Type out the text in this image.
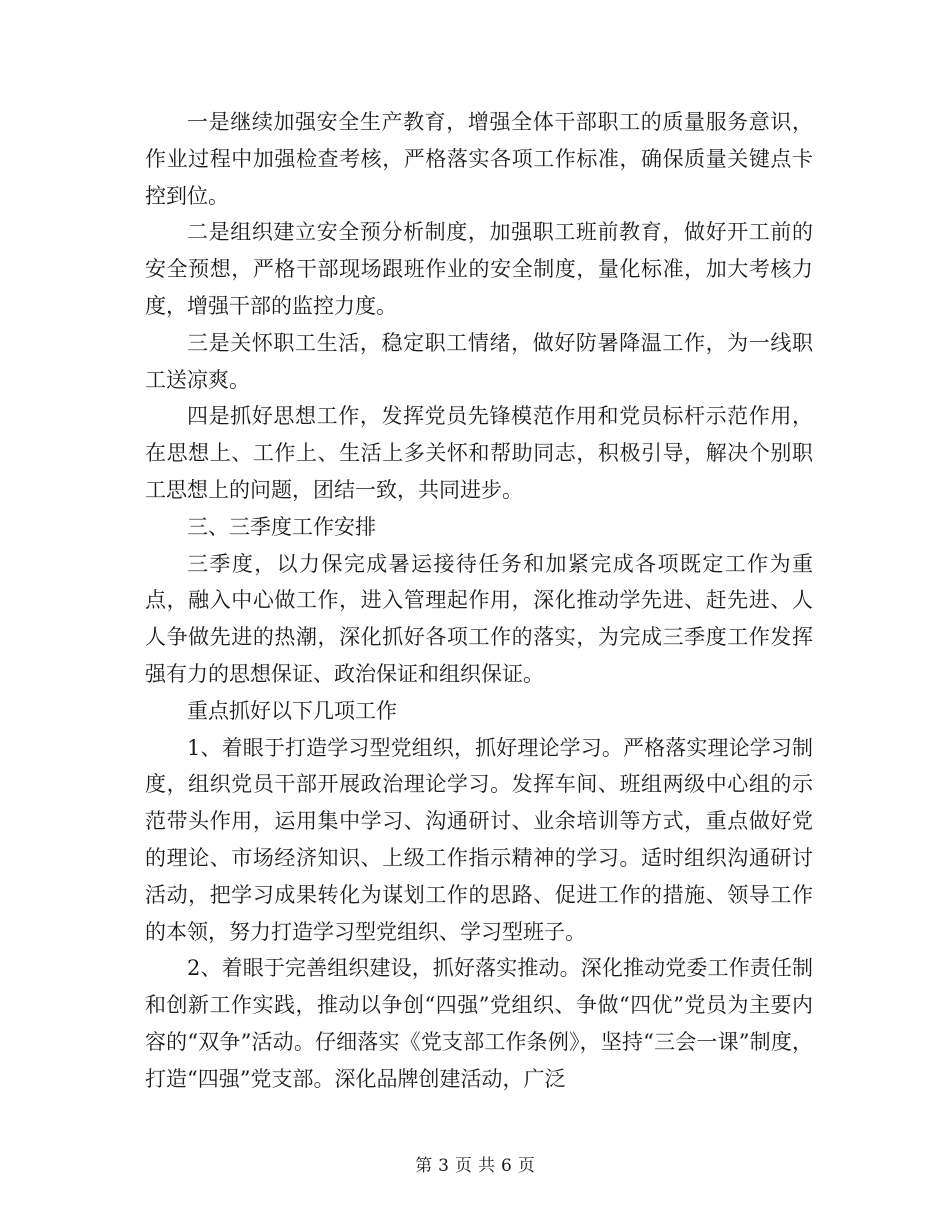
一是继续加强安全生产教育，增强全体干部职工的质量服务意识，作业过程中加强检查考核，严格落实各项工作标准，确保质量关键点卡控到位。

二是组织建立安全预分析制度，加强职工班前教育，做好开工前的安全预想，严格干部现场跟班作业的安全制度，量化标准，加大考核力度，增强干部的监控力度。

三是关怀职工生活，稳定职工情绪，做好防暑降温工作，为一线职工送凉爽。

四是抓好思想工作，发挥党员先锋模范作用和党员标杆示范作用，在思想上、工作上、生活上多关怀和帮助同志，积极引导，解决个别职工思想上的问题，团结一致，共同进步。

三、三季度工作安排

三季度，以力保完成暑运接待任务和加紧完成各项既定工作为重点，融入中心做工作，进入管理起作用，深化推动学先进、赶先进、人人争做先进的热潮，深化抓好各项工作的落实，为完成三季度工作发挥强有力的思想保证、政治保证和组织保证。

重点抓好以下几项工作

1、着眼于打造学习型党组织，抓好理论学习。严格落实理论学习制度，组织党员干部开展政治理论学习。发挥车间、班组两级中心组的示范带头作用，运用集中学习、沟通研讨、业余培训等方式，重点做好党的理论、市场经济知识、上级工作指示精神的学习。适时组织沟通研讨活动，把学习成果转化为谋划工作的思路、促进工作的措施、领导工作的本领，努力打造学习型党组织、学习型班子。

2、着眼于完善组织建设，抓好落实推动。深化推动党委工作责任制和创新工作实践，推动以争创“四强”党组织、争做“四优”党员为主要内容的“双争”活动。仔细落实《党支部工作条例》，坚持“三会一课”制度，打造“四强”党支部。深化品牌创建活动，广泛

第 3 页 共 6 页
